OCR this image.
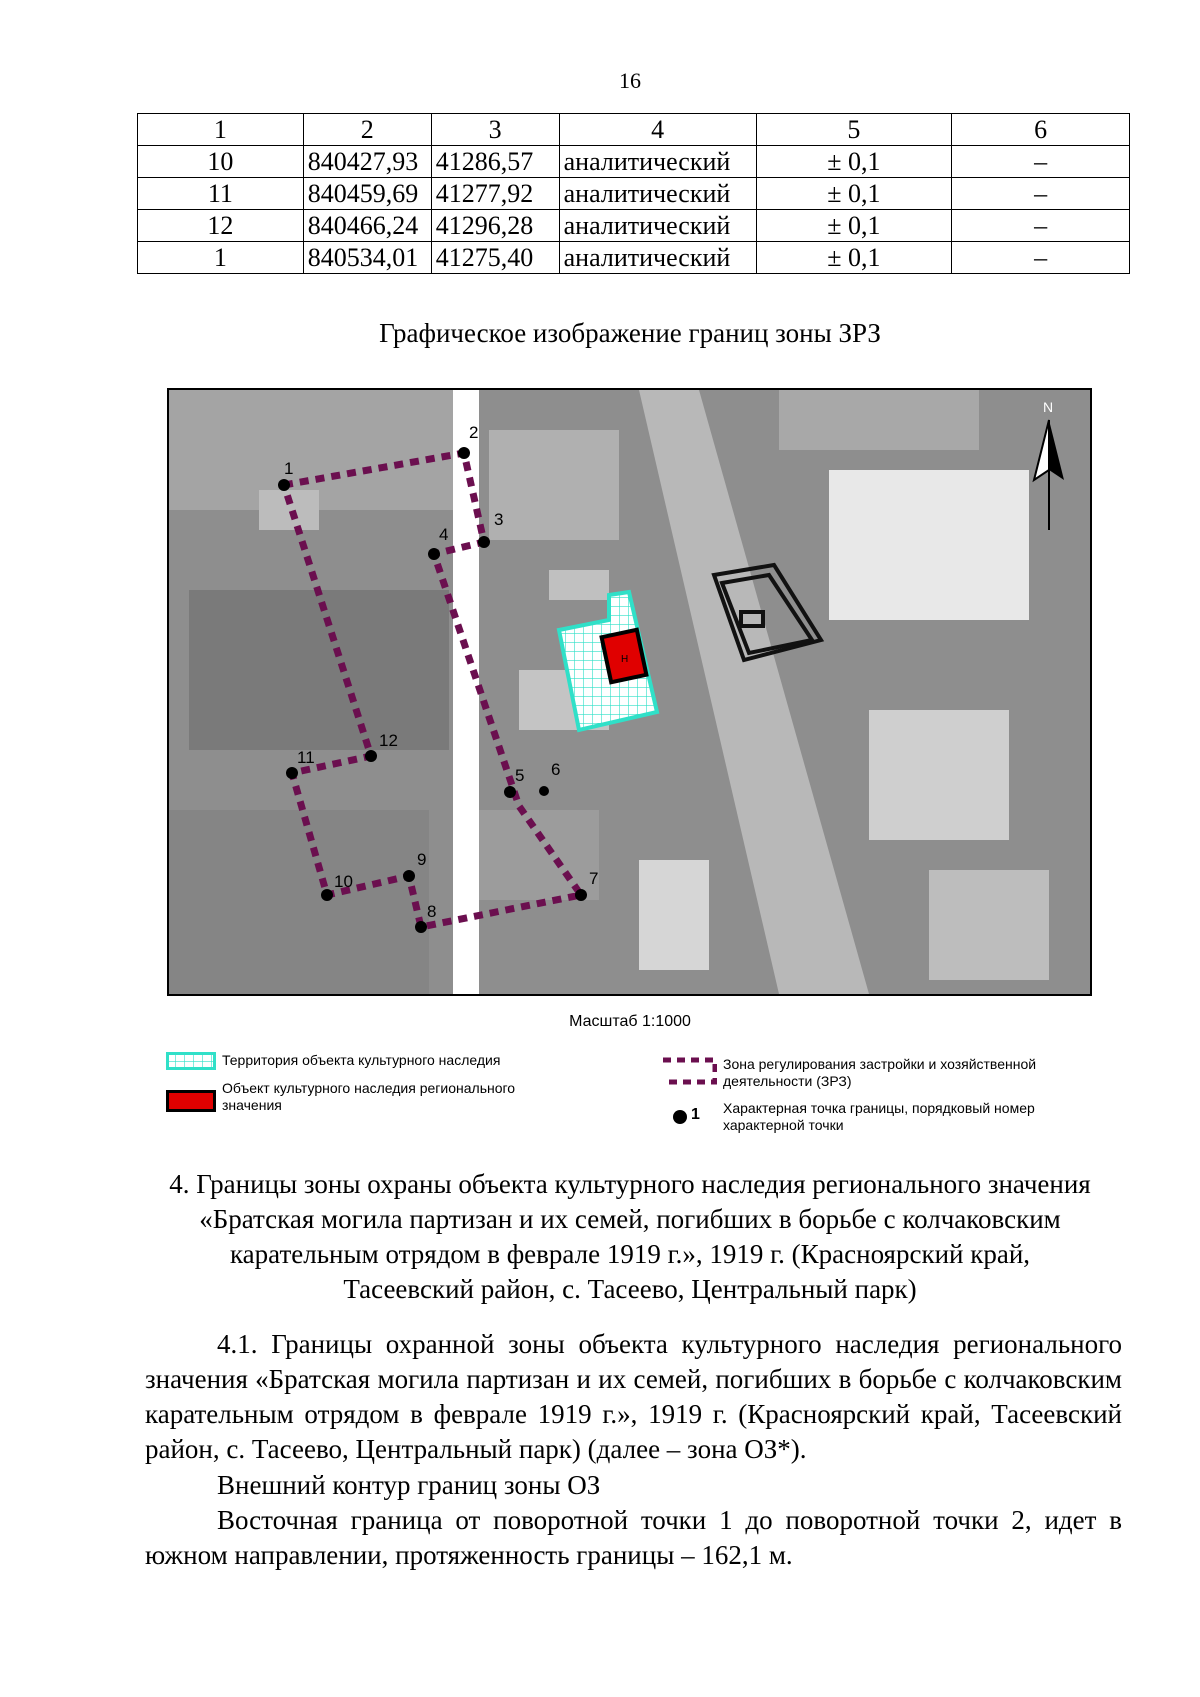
16
1	2	3	4	5	6
10	840427,93	41286,57	аналитический	± 0,1	–
11	840459,69	41277,92	аналитический	± 0,1	–
12	840466,24	41296,28	аналитический	± 0,1	–
1	840534,01	41275,40	аналитический	± 0,1	–
Графическое изображение границ зоны ЗРЗ
Н
N
1
2
3
4
5 6
7
8
9
10
11
12
Масштаб 1:1000
Территория объекта культурного наследия
Объект культурного наследия регионального
значения
Зона регулирования застройки и хозяйственной
деятельности (ЗРЗ)
1 Характерная точка границы, порядковый номер
характерной точки
4. Границы зоны охраны объекта культурного наследия регионального значения
«Братская могила партизан и их семей, погибших в борьбе с колчаковским
карательным отрядом в феврале 1919 г.», 1919 г. (Красноярский край,
Тасеевский район, с. Тасеево, Центральный парк)
4.1. Границы охранной зоны объекта культурного наследия регионального значения «Братская могила партизан и их семей, погибших в борьбе с колчаковским карательным отрядом в феврале 1919 г.», 1919 г. (Красноярский край, Тасеевский район, с. Тасеево, Центральный парк) (далее – зона ОЗ*).
Внешний контур границ зоны ОЗ
Восточная граница от поворотной точки 1 до поворотной точки 2, идет в южном направлении, протяженность границы – 162,1 м.
